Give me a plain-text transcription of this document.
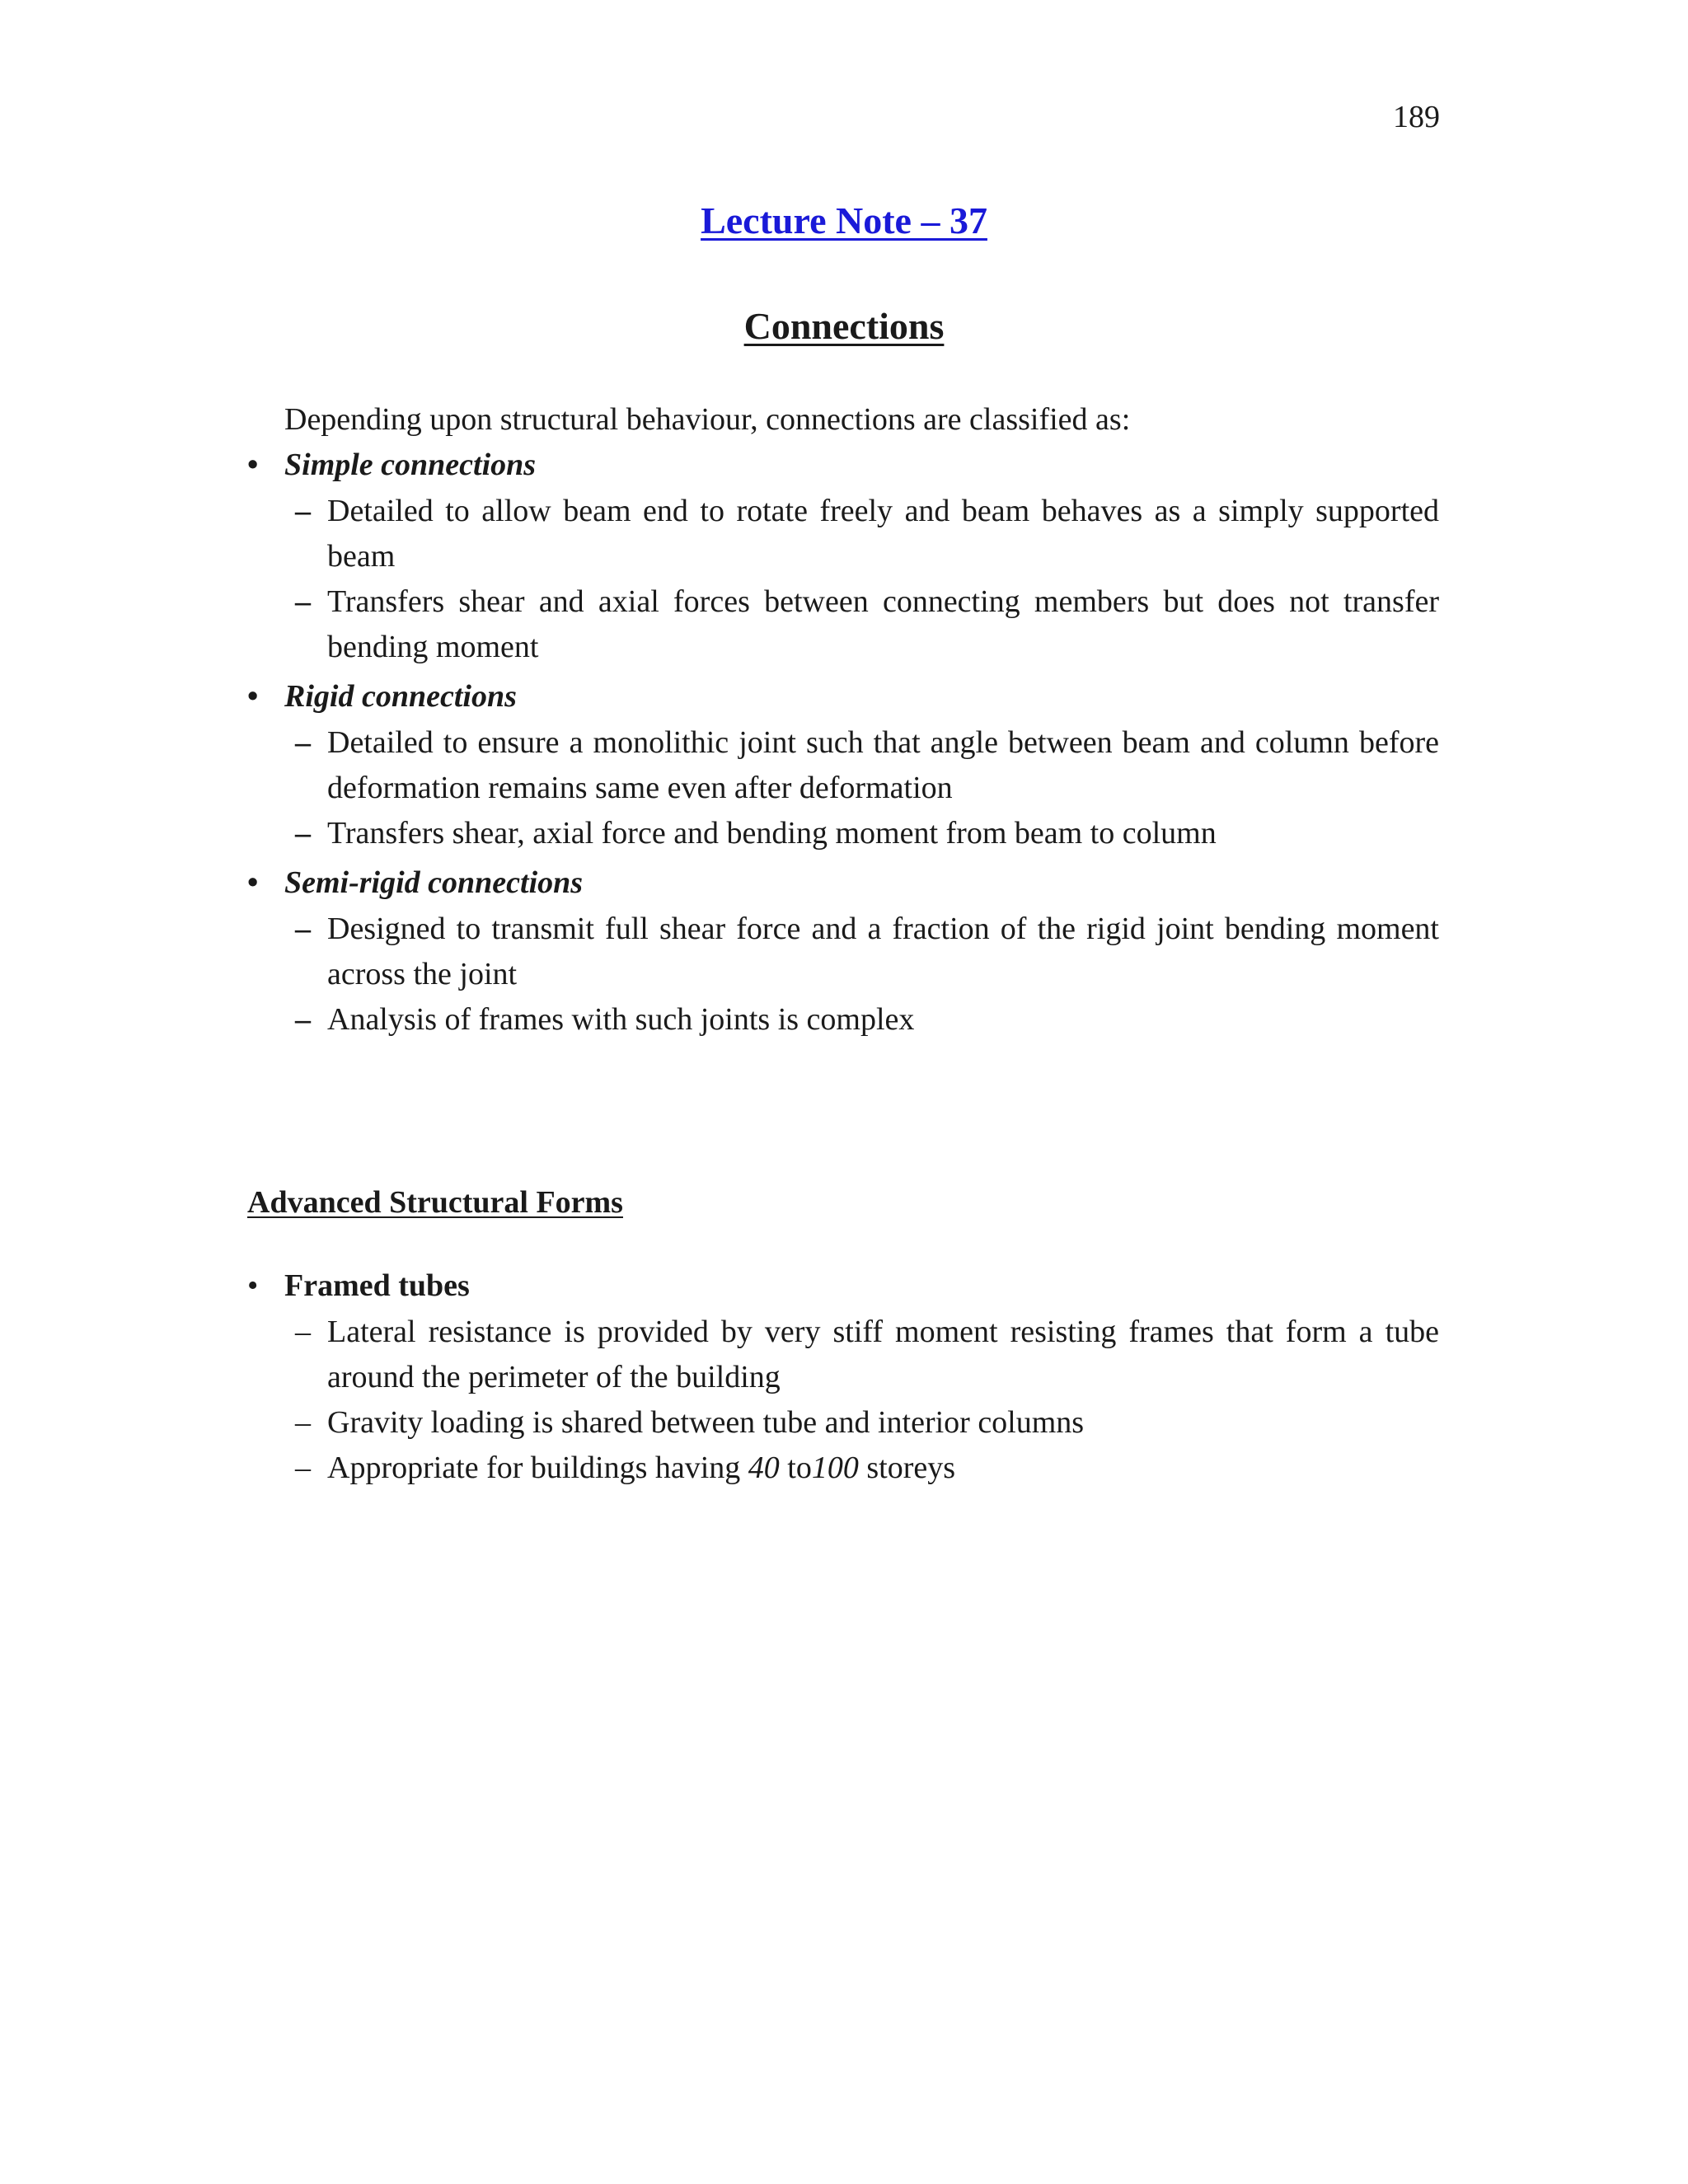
189
Lecture Note – 37
Connections
Depending upon structural behaviour, connections are classified as:
• Simple connections
– Detailed to allow beam end to rotate freely and beam behaves as a simply supported beam
– Transfers shear and axial forces between connecting members but does not transfer bending moment
• Rigid connections
– Detailed to ensure a monolithic joint such that angle between beam and column before deformation remains same even after deformation
– Transfers shear, axial force and bending moment from beam to column
• Semi-rigid connections
– Designed to transmit full shear force and a fraction of the rigid joint bending moment across the joint
– Analysis of frames with such joints is complex
Advanced Structural Forms
• Framed tubes
– Lateral resistance is provided by very stiff moment resisting frames that form a tube around the perimeter of the building
– Gravity loading is shared between tube and interior columns
– Appropriate for buildings having 40 to100 storeys
